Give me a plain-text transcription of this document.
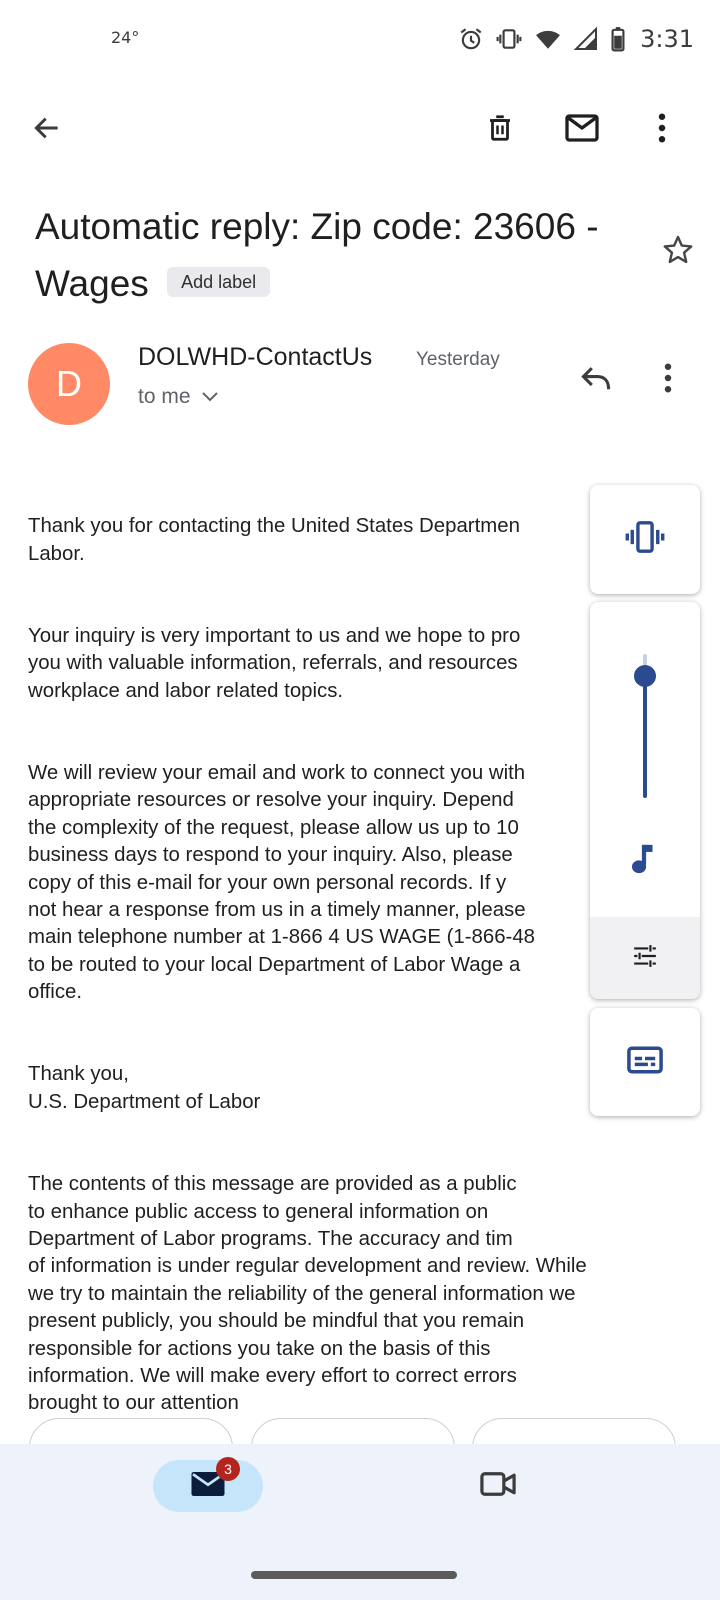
24°	3:31
Automatic reply: Zip code: 23606 - Wages Add label
D
DOLWHD-ContactUs Yesterday
to me

Thank you for contacting the United States Departmen
Labor.

Your inquiry is very important to us and we hope to pro
you with valuable information, referrals, and resources
workplace and labor related topics.

We will review your email and work to connect you with
appropriate resources or resolve your inquiry. Depend
the complexity of the request, please allow us up to 10
business days to respond to your inquiry. Also, please
copy of this e-mail for your own personal records. If y
not hear a response from us in a timely manner, please
main telephone number at 1-866 4 US WAGE (1-866-48
to be routed to your local Department of Labor Wage a
office.

Thank you,
U.S. Department of Labor

The contents of this message are provided as a public
to enhance public access to general information on
Department of Labor programs. The accuracy and tim
of information is under regular development and review. While
we try to maintain the reliability of the general information we
present publicly, you should be mindful that you remain
responsible for actions you take on the basis of this
information. We will make every effort to correct errors
brought to our attention

3
